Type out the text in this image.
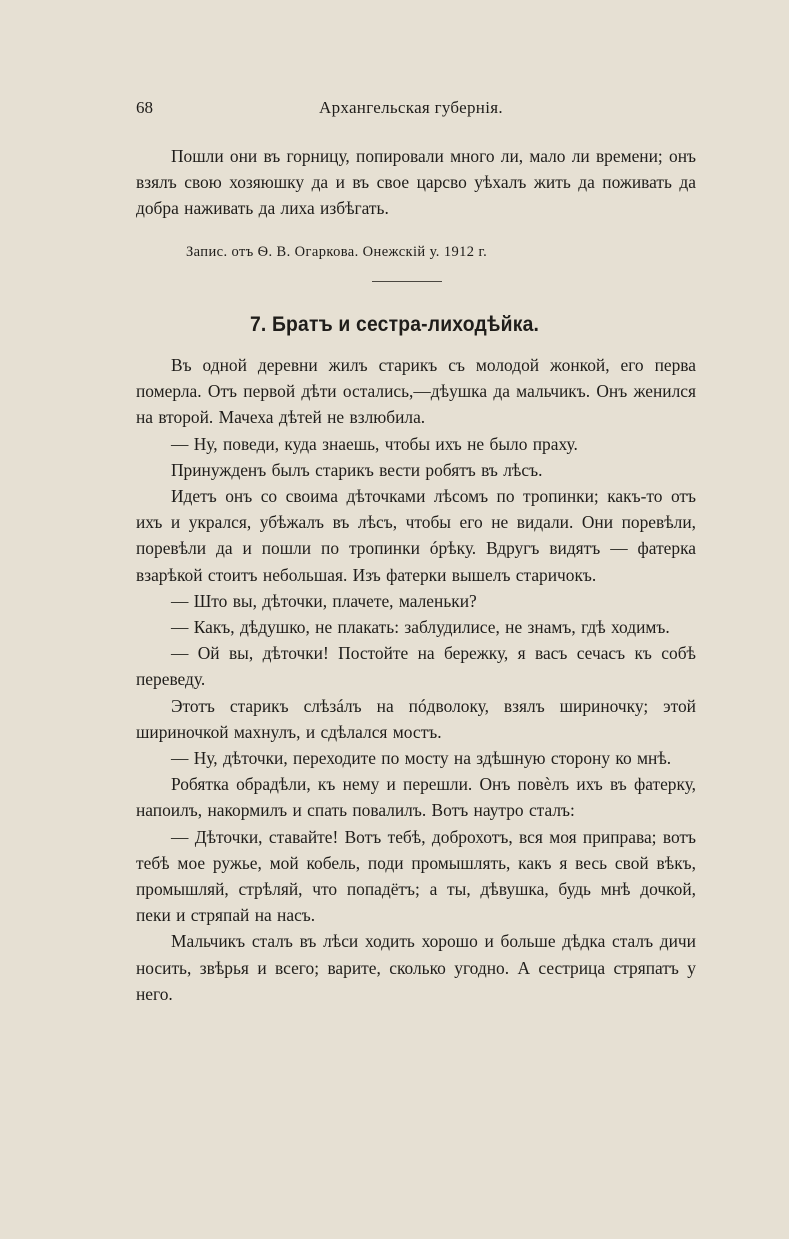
68	Архангельская губернія.

Пошли они въ горницу, попировали много ли, мало ли времени; онъ взялъ свою хозяюшку да и въ свое царсво уѣхалъ жить да поживать да добра наживать да лиха избѣгать.

Запис. отъ Ѳ. В. Огаркова. Онежскій у. 1912 г.
7. Братъ и сестра-лиходѣйка.

Въ одной деревни жилъ старикъ съ молодой жонкой, его перва померла. Отъ первой дѣти остались,—дѣушка да мальчикъ. Онъ женился на второй. Мачеха дѣтей не взлюбила.

— Ну, поведи, куда знаешь, чтобы ихъ не было праху.

Принужденъ былъ старикъ вести робятъ въ лѣсъ.

Идетъ онъ со своима дѣточками лѣсомъ по тропинки; какъ-то отъ ихъ и укрался, убѣжалъ въ лѣсъ, чтобы его не видали. Они поревѣли, поревѣли да и пошли по тропинки óрѣку. Вдругъ видятъ — фатерка взарѣкой стоитъ небольшая. Изъ фатерки вышелъ старичокъ.

— Што вы, дѣточки, плачете, маленьки?

— Какъ, дѣдушко, не плакать: заблудилисе, не знамъ, гдѣ ходимъ.

— Ой вы, дѣточки! Постойте на бережку, я васъ сечасъ къ собѣ переведу.

Этотъ старикъ слѣзáлъ на пóдволоку, взялъ шириночку; этой шириночкой махнулъ, и сдѣлался мостъ.

— Ну, дѣточки, переходите по мосту на здѣшную сторону ко мнѣ.

Робятка обрадѣли, къ нему и перешли. Онъ повѐлъ ихъ въ фатерку, напоилъ, накормилъ и спать повалилъ. Вотъ наутро сталъ:

— Дѣточки, ставайте! Вотъ тебѣ, доброхотъ, вся моя приправа; вотъ тебѣ мое ружье, мой кобель, поди промышлять, какъ я весь свой вѣкъ, промышляй, стрѣляй, что попадётъ; а ты, дѣвушка, будь мнѣ дочкой, пеки и стряпай на насъ.

Мальчикъ сталъ въ лѣси ходить хорошо и больше дѣдка сталъ дичи носить, звѣрья и всего; варите, сколько угодно. А сестрица стряпатъ у него.
